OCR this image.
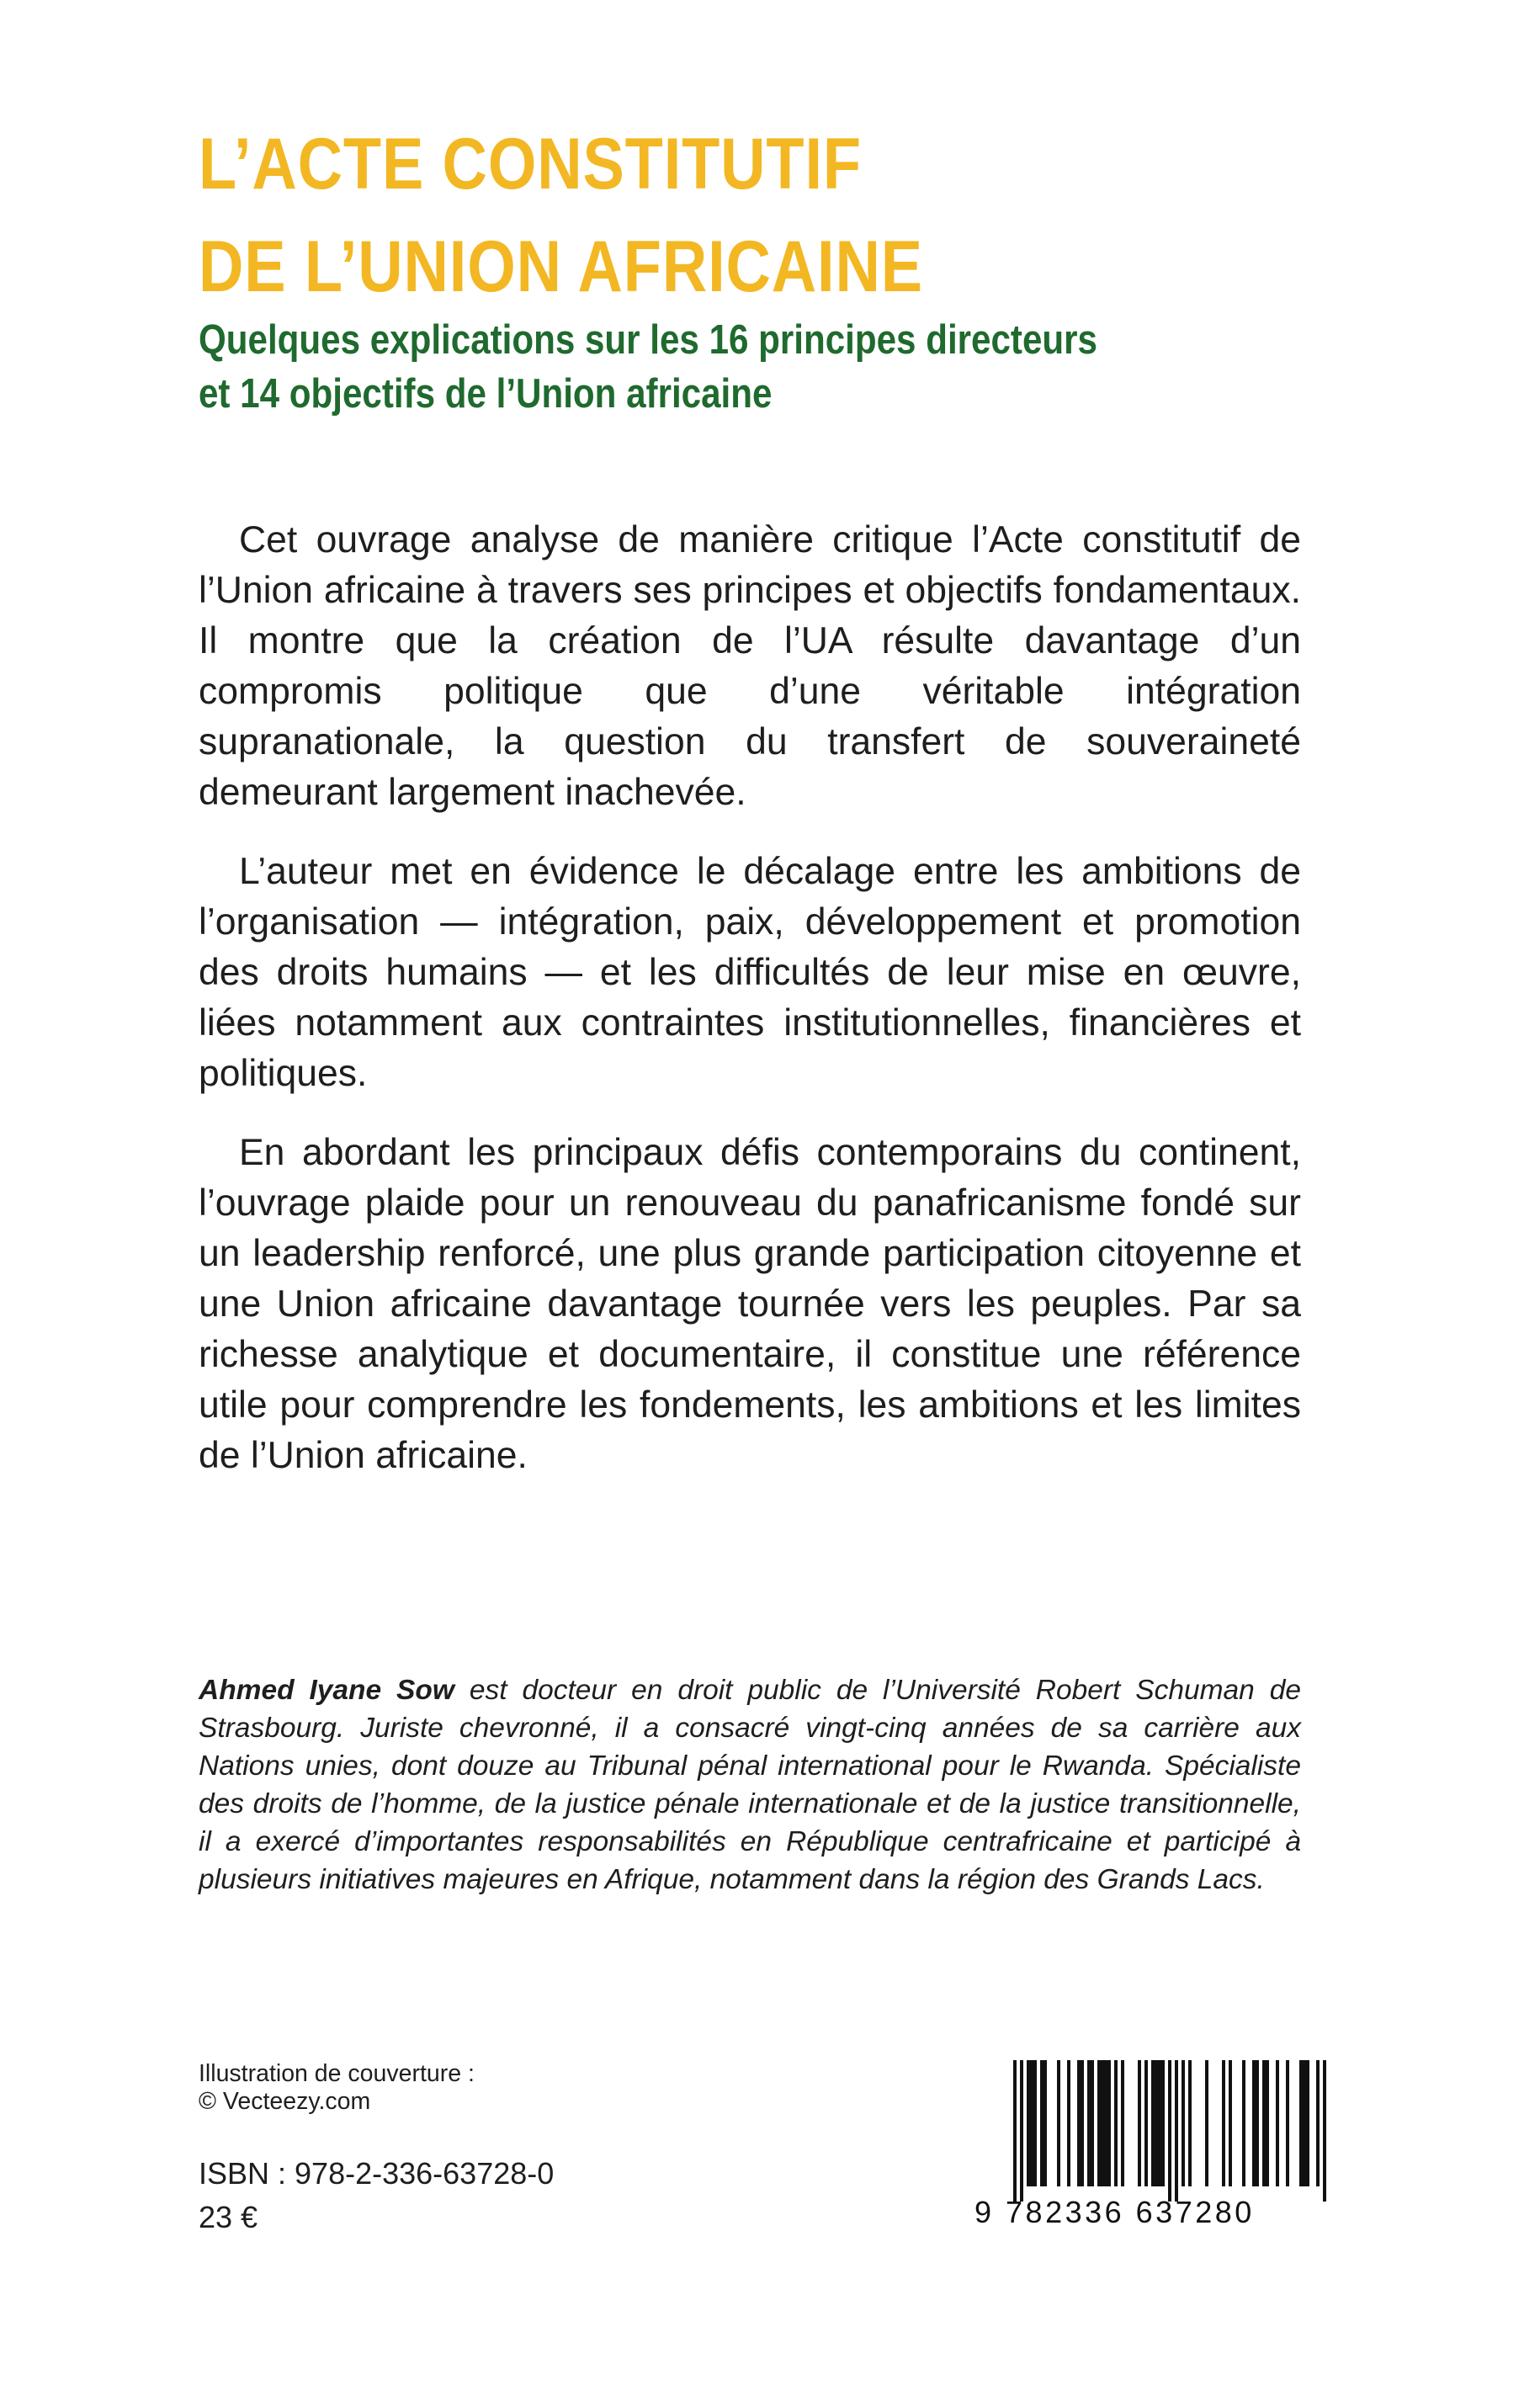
L’ACTE CONSTITUTIF
DE L’UNION AFRICAINE
Quelques explications sur les 16 principes directeurs
et 14 objectifs de l’Union africaine

Cet ouvrage analyse de manière critique l’Acte constitutif de l’Union africaine à travers ses principes et objectifs fondamentaux. Il montre que la création de l’UA résulte davantage d’un compromis politique que d’une véritable intégration supranationale, la question du transfert de souveraineté demeurant largement inachevée.

L’auteur met en évidence le décalage entre les ambitions de l’organisation — intégration, paix, développement et promotion des droits humains — et les difficultés de leur mise en œuvre, liées notamment aux contraintes institutionnelles, financières et politiques.

En abordant les principaux défis contemporains du continent, l’ouvrage plaide pour un renouveau du panafricanisme fondé sur un leadership renforcé, une plus grande participation citoyenne et une Union africaine davantage tournée vers les peuples. Par sa richesse analytique et documentaire, il constitue une référence utile pour comprendre les fondements, les ambitions et les limites de l’Union africaine.

Ahmed Iyane Sow est docteur en droit public de l’Université Robert Schuman de Strasbourg. Juriste chevronné, il a consacré vingt-cinq années de sa carrière aux Nations unies, dont douze au Tribunal pénal international pour le Rwanda. Spécialiste des droits de l’homme, de la justice pénale internationale et de la justice transitionnelle, il a exercé d’importantes responsabilités en République centrafricaine et participé à plusieurs initiatives majeures en Afrique, notamment dans la région des Grands Lacs.

Illustration de couverture :
© Vecteezy.com
ISBN : 978-2-336-63728-0
23 €	9 782336 637280
